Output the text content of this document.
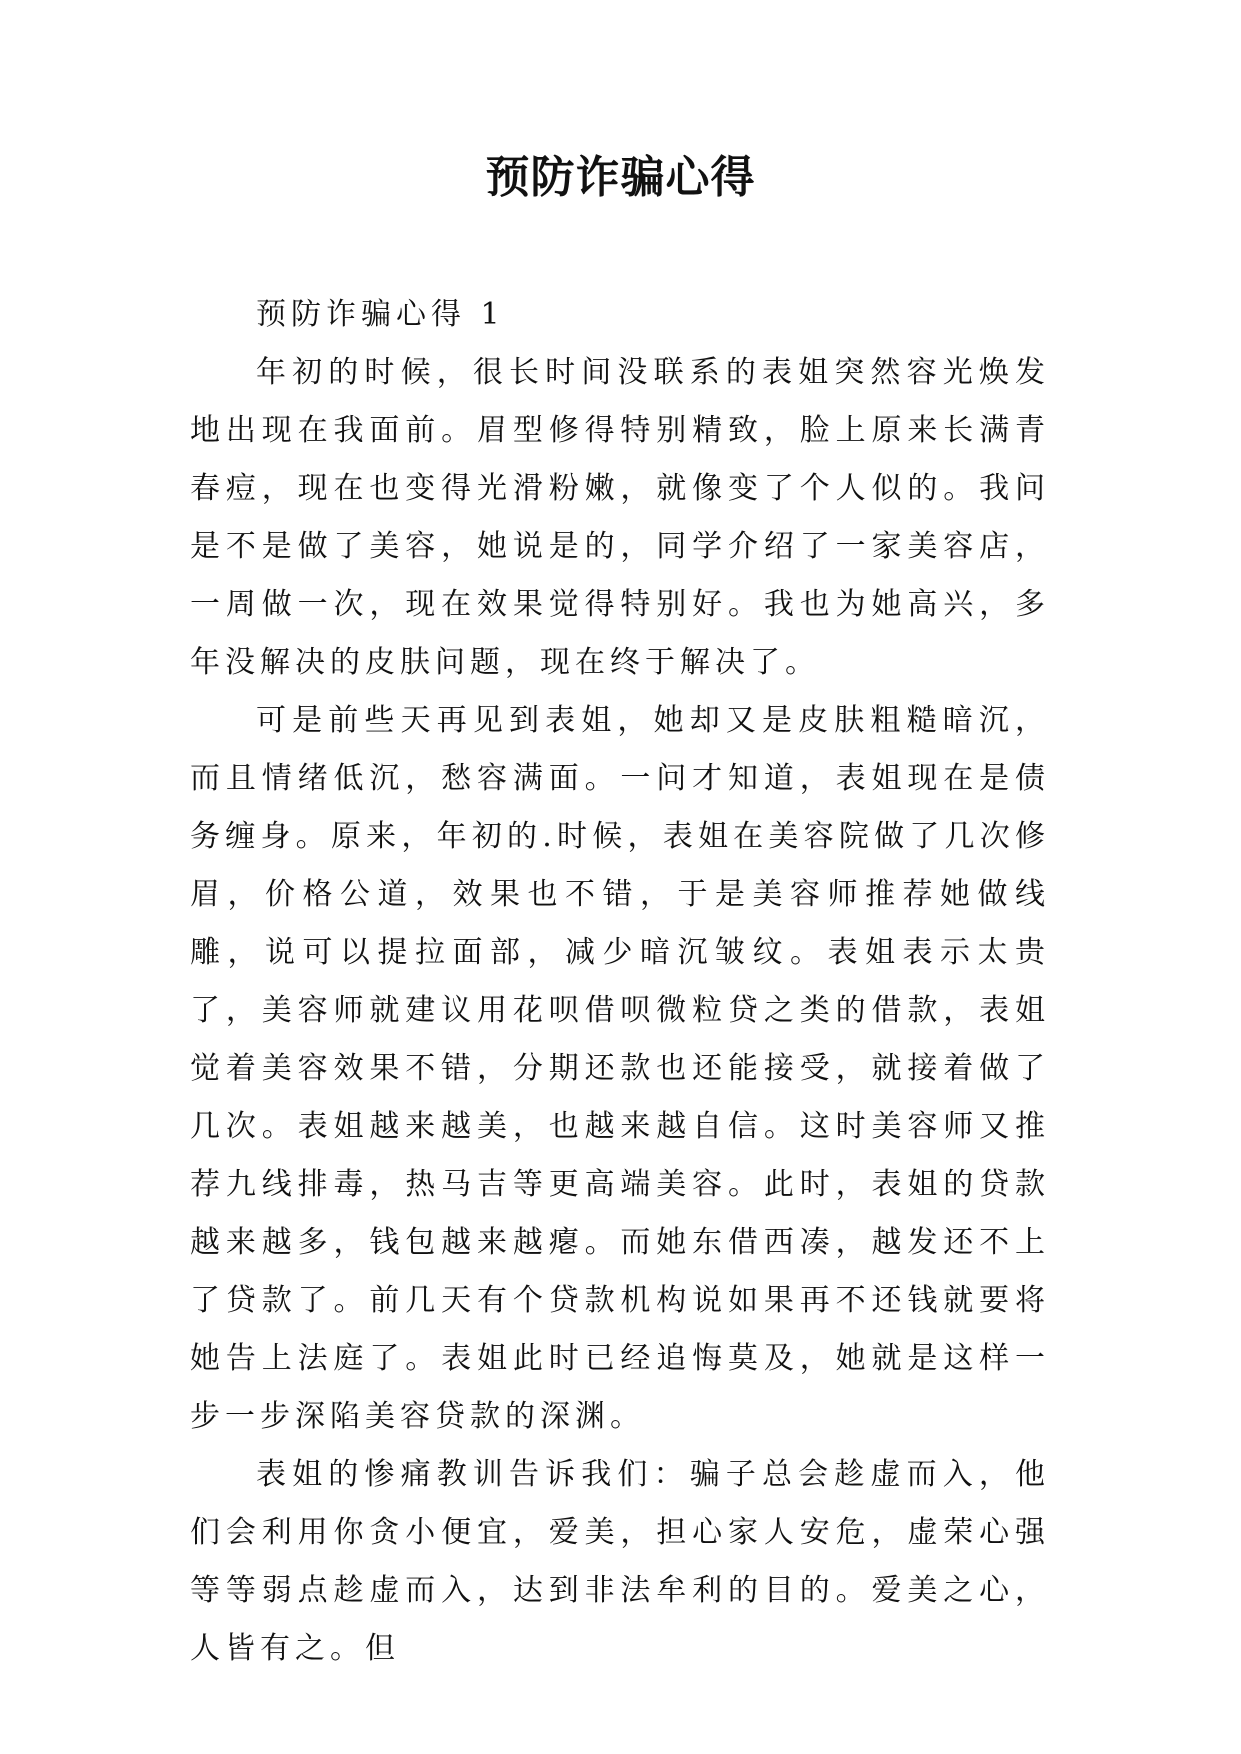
预防诈骗心得

预防诈骗心得 1

年初的时候，很长时间没联系的表姐突然容光焕发地出现在我面前。眉型修得特别精致，脸上原来长满青春痘，现在也变得光滑粉嫩，就像变了个人似的。我问是不是做了美容，她说是的，同学介绍了一家美容店，一周做一次，现在效果觉得特别好。我也为她高兴，多年没解决的皮肤问题，现在终于解决了。

可是前些天再见到表姐，她却又是皮肤粗糙暗沉，而且情绪低沉，愁容满面。一问才知道，表姐现在是债务缠身。原来，年初的.时候，表姐在美容院做了几次修眉，价格公道，效果也不错，于是美容师推荐她做线雕，说可以提拉面部，减少暗沉皱纹。表姐表示太贵了，美容师就建议用花呗借呗微粒贷之类的借款，表姐觉着美容效果不错，分期还款也还能接受，就接着做了几次。表姐越来越美，也越来越自信。这时美容师又推荐九线排毒，热马吉等更高端美容。此时，表姐的贷款越来越多，钱包越来越瘪。而她东借西凑，越发还不上了贷款了。前几天有个贷款机构说如果再不还钱就要将她告上法庭了。表姐此时已经追悔莫及，她就是这样一步一步深陷美容贷款的深渊。

表姐的惨痛教训告诉我们：骗子总会趁虚而入，他们会利用你贪小便宜，爱美，担心家人安危，虚荣心强等等弱点趁虚而入，达到非法牟利的目的。爱美之心，人皆有之。但
